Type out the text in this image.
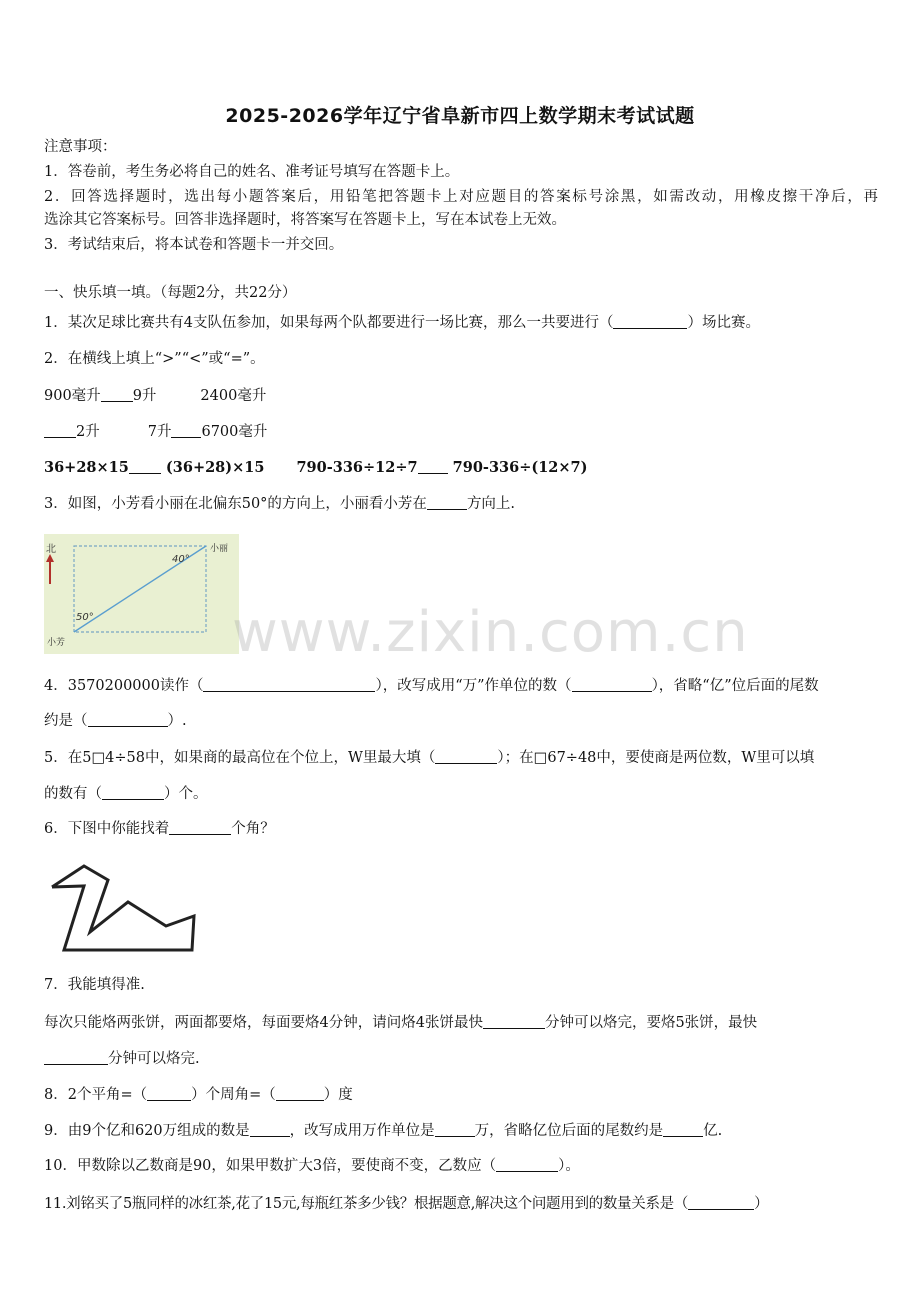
2025-2026学年辽宁省阜新市四上数学期末考试试题
注意事项：
1．答卷前，考生务必将自己的姓名、准考证号填写在答题卡上。
2．回答选择题时，选出每小题答案后，用铅笔把答题卡上对应题目的答案标号涂黑，如需改动，用橡皮擦干净后，再
选涂其它答案标号。回答非选择题时，将答案写在答题卡上，写在本试卷上无效。
3．考试结束后，将本试卷和答题卡一并交回。
一、快乐填一填。（每题2分，共22分）
1．某次足球比赛共有4支队伍参加，如果每两个队都要进行一场比赛，那么一共要进行（	）场比赛。
2．在横线上填上“>”“<”或“=”。
900毫升 9升	2400毫升
2升	7升 6700毫升
36+28×15	(36+28)×15 790-336÷12÷7 790-336÷(12×7)
3．如图，小芳看小丽在北偏东50°的方向上，小丽看小芳在	方向上.
北
40°
50°
小丽
小芳	www.zixin.com.cn
4．3570200000读作（	），改写成用“万”作单位的数（	），省略“亿”位后面的尾数
约是（	）.
5．在5□4÷58中，如果商的最高位在个位上，W里最大填（	）；在□67÷48中，要使商是两位数，W里可以填
的数有（	）个。
6．下图中你能找着	个角？
7．我能填得准.
每次只能烙两张饼，两面都要烙，每面要烙4分钟，请问烙4张饼最快	分钟可以烙完，要烙5张饼，最快
分钟可以烙完.
8．2个平角=（	）个周角=（	）度
9．由9个亿和620万组成的数是	，改写成用万作单位是	万，省略亿位后面的尾数约是	亿.
10．甲数除以乙数商是90，如果甲数扩大3倍，要使商不变，乙数应（	）。
11.刘铭买了5瓶同样的冰红茶,花了15元,每瓶红茶多少钱？根据题意,解决这个问题用到的数量关系是（	）
